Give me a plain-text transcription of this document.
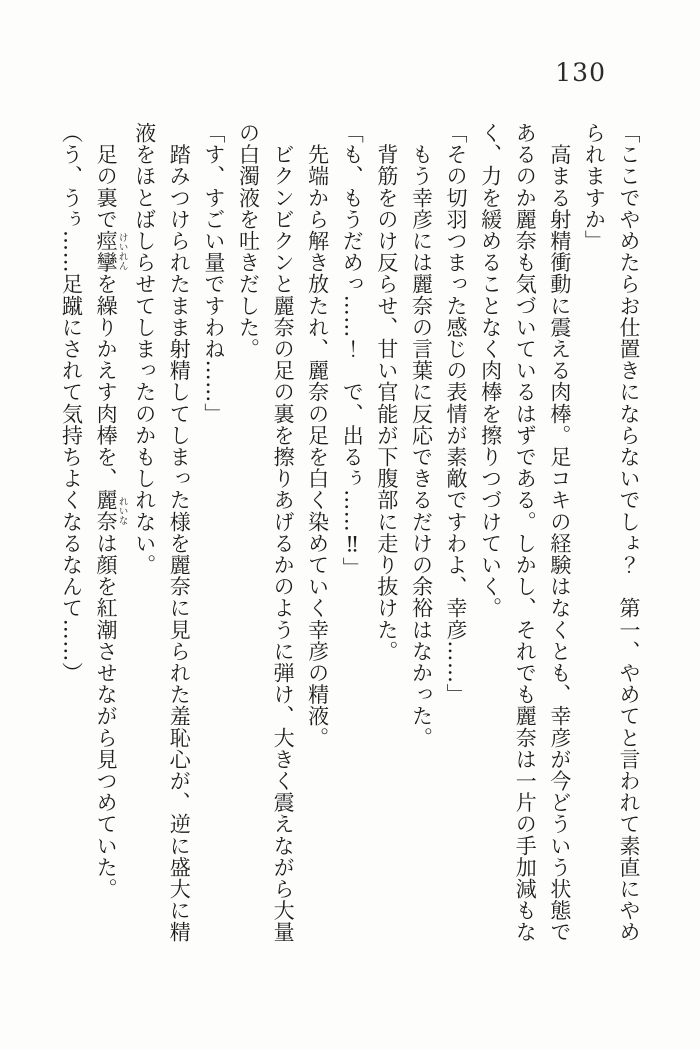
130
「ここでやめたらお仕置きにならないでしょ？　第一、やめてと言われて素直にやめ
られますか」
　高まる射精衝動に震える肉棒。足コキの経験はなくとも、幸彦が今どういう状態で
あるのか麗奈も気づいているはずである。しかし、それでも麗奈は一片の手加減もな
く、力を緩めることなく肉棒を擦りつづけていく。
「その切羽つまった感じの表情が素敵ですわよ、幸彦……」
　もう幸彦には麗奈の言葉に反応できるだけの余裕はなかった。
　背筋をのけ反らせ、甘い官能が下腹部に走り抜けた。
「も、もうだめっ……！　で、出るぅ……‼」
　先端から解き放たれ、麗奈の足を白く染めていく幸彦の精液。
　ビクンビクンと麗奈の足の裏を擦りあげるかのように弾け、大きく震えながら大量
の白濁液を吐きだした。
「す、すごい量ですわね……」
　踏みつけられたまま射精してしまった様を麗奈に見られた羞恥心が、逆に盛大に精
液をほとばしらせてしまったのかもしれない。
　足の裏で痙攣けいれんを繰りかえす肉棒を、麗奈れいなは顔を紅潮させながら見つめていた。
（う、うぅ……足蹴にされて気持ちよくなるなんて……）
